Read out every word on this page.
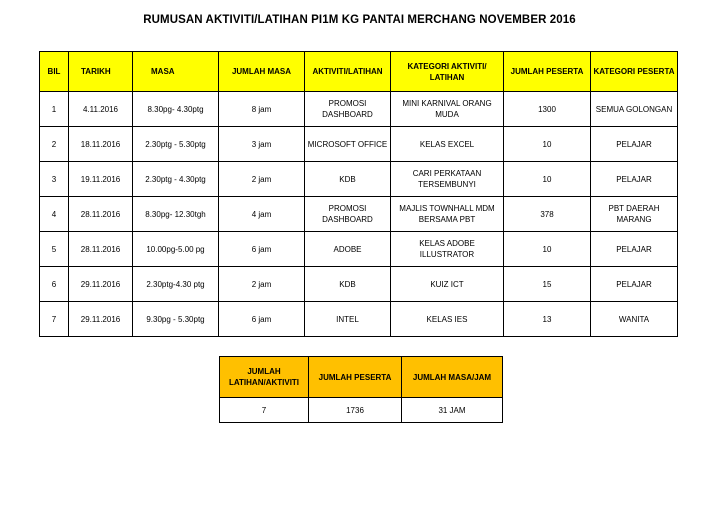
RUMUSAN AKTIVITI/LATIHAN PI1M KG PANTAI MERCHANG NOVEMBER 2016
BIL	TARIKH	MASA	JUMLAH MASA	AKTIVITI/LATIHAN	KATEGORI AKTIVITI/ LATIHAN	JUMLAH PESERTA	KATEGORI PESERTA
1	4.11.2016	8.30pg- 4.30ptg	8 jam	PROMOSI DASHBOARD	MINI KARNIVAL ORANG MUDA	1300	SEMUA GOLONGAN
2	18.11.2016	2.30ptg - 5.30ptg	3 jam	MICROSOFT OFFICE	KELAS EXCEL	10	PELAJAR
3	19.11.2016	2.30ptg - 4.30ptg	2 jam	KDB	CARI PERKATAAN TERSEMBUNYI	10	PELAJAR
4	28.11.2016	8.30pg- 12.30tgh	4 jam	PROMOSI DASHBOARD	MAJLIS TOWNHALL MDM BERSAMA PBT	378	PBT DAERAH MARANG
5	28.11.2016	10.00pg-5.00 pg	6 jam	ADOBE	KELAS ADOBE ILLUSTRATOR	10	PELAJAR
6	29.11.2016	2.30ptg-4.30 ptg	2 jam	KDB	KUIZ ICT	15	PELAJAR
7	29.11.2016	9.30pg - 5.30ptg	6 jam	INTEL	KELAS IES	13	WANITA
JUMLAH LATIHAN/AKTIVITI	JUMLAH PESERTA	JUMLAH MASA/JAM
7	1736	31 JAM
